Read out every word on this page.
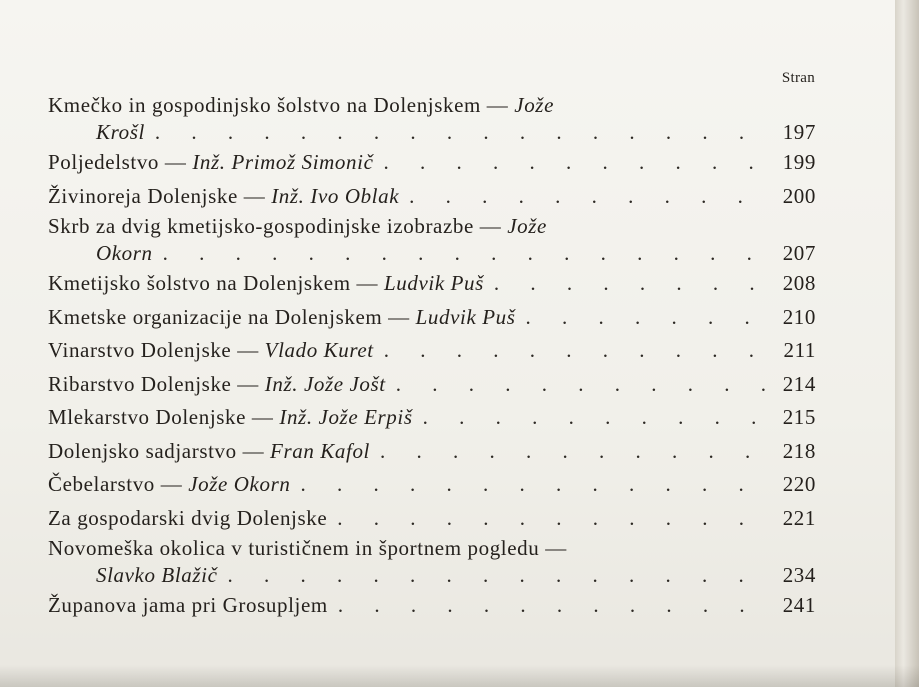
Stran
Kmečko in gospodinjsko šolstvo na Dolenjskem —
Jože
Krošl . . .	197
Poljedelstvo —
Inž. Primož Simonič . . .	199
Živinoreja Dolenjske —
Inž. Ivo Oblak . . .	200
Skrb za dvig kmetijsko-gospodinjske izobrazbe —
Jože
Okorn . . .	207
Kmetijsko šolstvo na Dolenjskem —
Ludvik Puš . . .	208
Kmetske organizacije na Dolenjskem —
Ludvik Puš . . .	210
Vinarstvo Dolenjske —
Vlado Kuret . . .	211
Ribarstvo Dolenjske —
Inž. Jože Jošt . . .	214
Mlekarstvo Dolenjske —
Inž. Jože Erpiš . . .	215
Dolenjsko sadjarstvo —
Fran Kafol . . .	218
Čebelarstvo —
Jože Okorn . . .	220
Za gospodarski dvig Dolenjske . . .	221
Novomeška okolica v turističnem in športnem pogledu —
Slavko Blažič . . .	234
Županova jama pri Grosupljem . . .	241
